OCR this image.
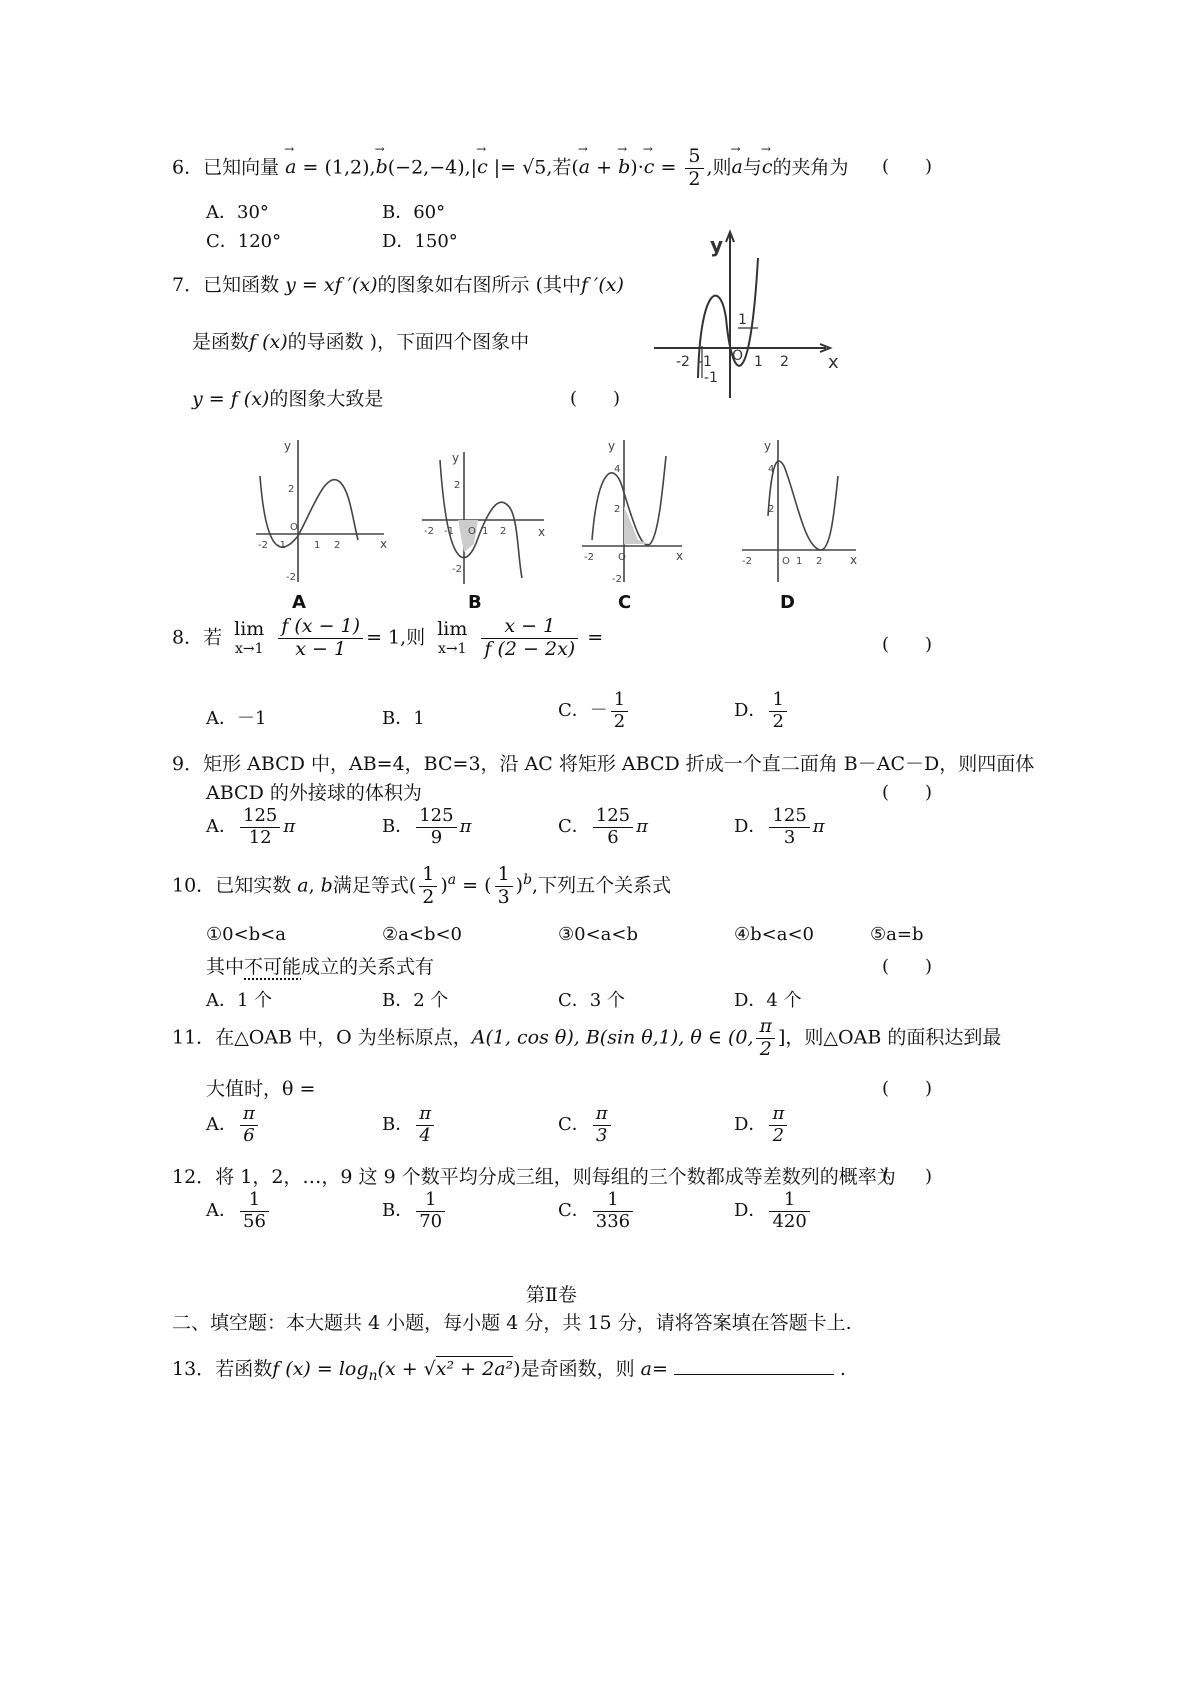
6．已知向量 → a = (1,2),→ b(−2,−4),|→ c |= √5,若(→ a + → $b)\cdot\to c = \frac{5}{2}$ ,则→ a与→ c的夹角为 (　　)
A．30°	B．60°
C．120°	D．150°
7．已知函数 y = xf ′(x)的图象如右图所示 (其中f ′(x)
是函数f (x)的导函数 )，下面四个图象中
y = f (x)的图象大致是	(　　)
y
x
-2 -1 O 1 2
1
-1
y
x
2
-2 -1
O
1 2
-2
y
x
2
-2 -1 O 1 2
-2
y
x
4
2
-2 O
-2
y
x
4
2
-2	O 1 2
A	B	C	D
8．若 lim
x→1
$\frac{f (x - 1)}{x - 1} = 1$,则 lim
x→1
$\frac{x - 1}{f (2 - 2x)}$ =	(　　)
A．－1	B．1	C．－ $\frac{1}{2}$	D． $\frac{1}{2}$
9．矩形 ABCD 中，AB=4，BC=3，沿 AC 将矩形 ABCD 折成一个直二面角 B－AC－D，则四面体
ABCD 的外接球的体积为	(　　)
A． $\frac{125}{12}$ π	B． $\frac{125}{9}$ π	C． $\frac{125}{6}$ π	D． $\frac{125}{3}$ π
10．已知实数 a, b满足等式( $\frac{1}{2} )^a$ = ( $\frac{1}{3} )^b$,下列五个关系式
①0<b<a	②a<b<0	③0<a<b	④b<a<0	⑤a=b
其中不可能成立的关系式有	(　　)
A．1 个	B．2 个	C．3 个	D．4 个
11．在△OAB 中，O 为坐标原点，A(1, cos θ), B(sin θ,1), θ ∈ (0, $\frac{\pi}{2}$ ]，则△OAB 的面积达到最
大值时，θ =	(　　)
A． $\frac{\pi}{6}$	B． $\frac{\pi}{4}$	C． $\frac{\pi}{3}$	D． $\frac{\pi}{2}$
12．将 1，2，…，9 这 9 个数平均分成三组，则每组的三个数都成等差数列的概率为
(　　)
A． $\frac{1}{56}$	B． $\frac{1}{70}$	C． $\frac{1}{336}$	D． $\frac{1}{420}$
第Ⅱ卷
二、填空题：本大题共 4 小题，每小题 4 分，共 15 分，请将答案填在答题卡上.
13．若函数f $(x) = \log_n(x + √x^2 + 2a^2)$是奇函数，则 a=	.
